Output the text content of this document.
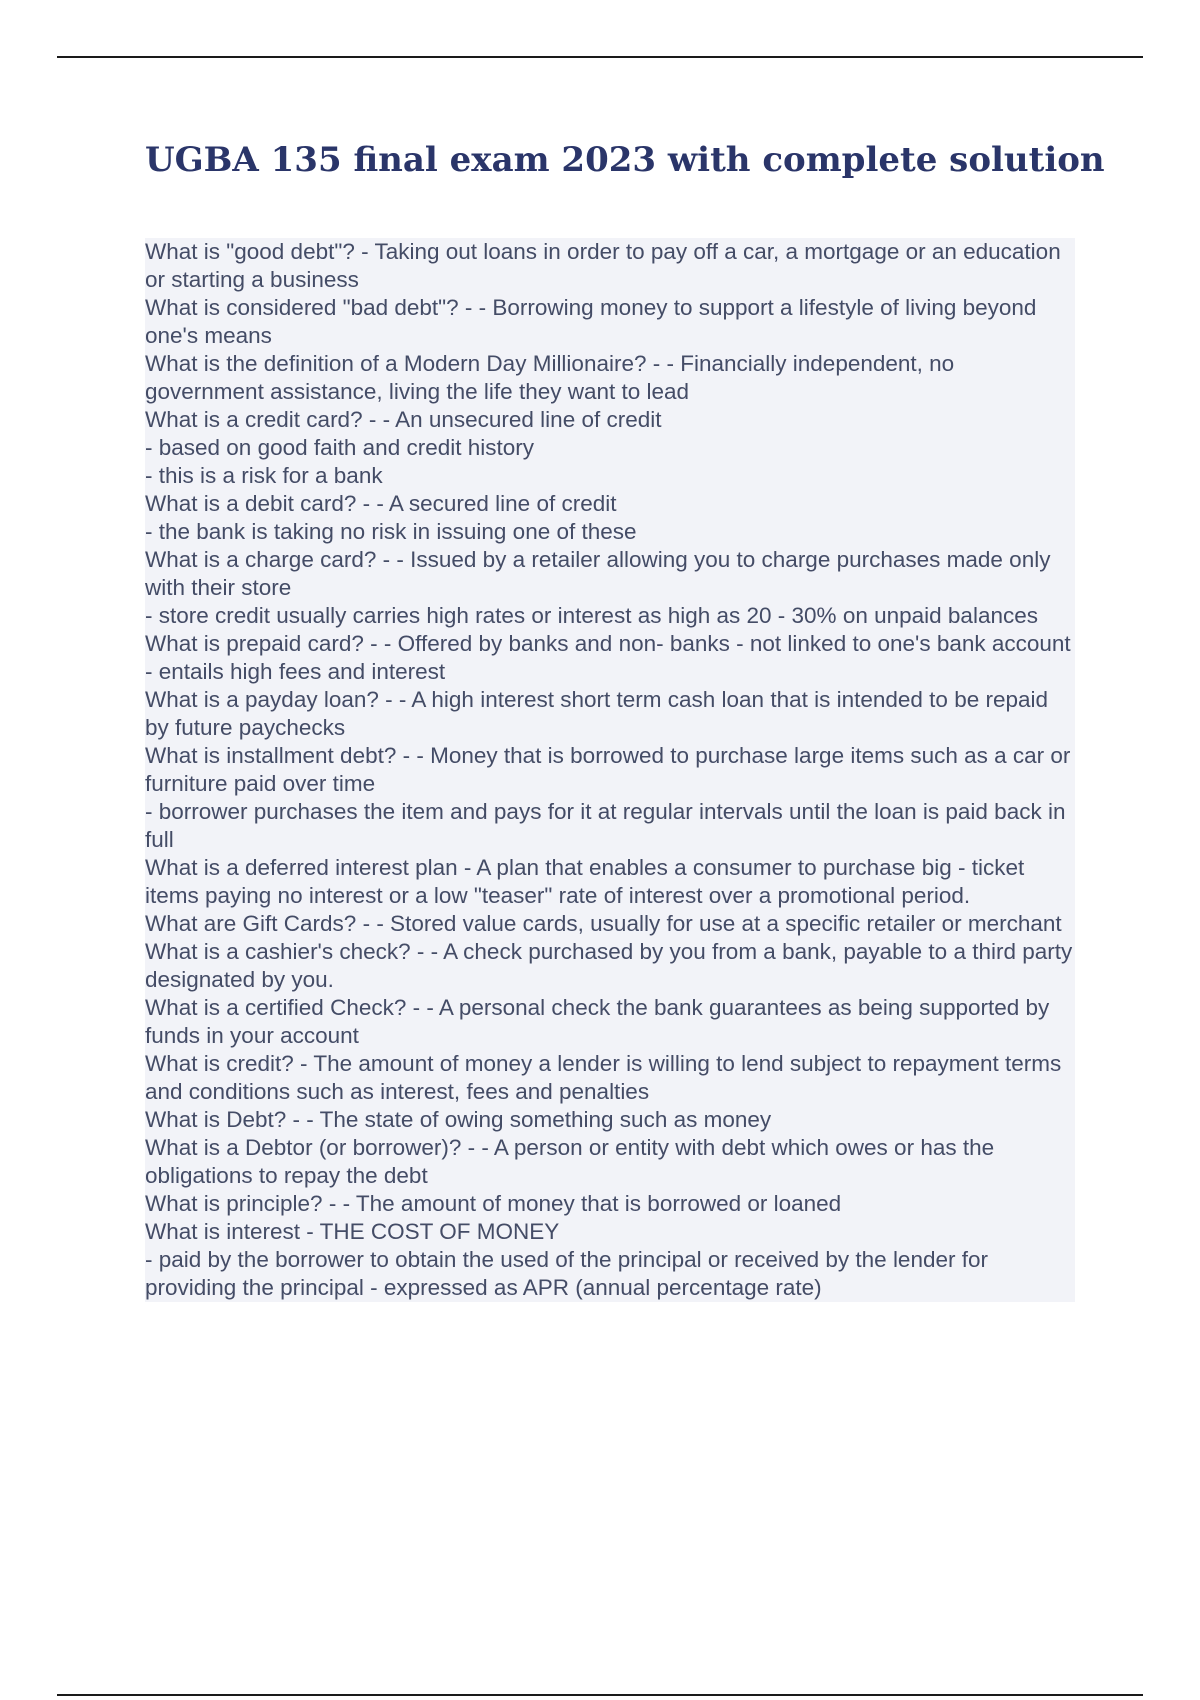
UGBA 135 final exam 2023 with complete solution
What is "good debt"? - Taking out loans in order to pay off a car, a mortgage or an education or starting a business
What is considered "bad debt"? - - Borrowing money to support a lifestyle of living beyond one's means
What is the definition of a Modern Day Millionaire? - - Financially independent, no government assistance, living the life they want to lead
What is a credit card? - - An unsecured line of credit
- based on good faith and credit history
- this is a risk for a bank
What is a debit card? - - A secured line of credit
- the bank is taking no risk in issuing one of these
What is a charge card? - - Issued by a retailer allowing you to charge purchases made only with their store
- store credit usually carries high rates or interest as high as 20 - 30% on unpaid balances
What is prepaid card? - - Offered by banks and non- banks - not linked to one's bank account
- entails high fees and interest
What is a payday loan? - - A high interest short term cash loan that is intended to be repaid by future paychecks
What is installment debt? - - Money that is borrowed to purchase large items such as a car or furniture paid over time
- borrower purchases the item and pays for it at regular intervals until the loan is paid back in full
What is a deferred interest plan - A plan that enables a consumer to purchase big - ticket items paying no interest or a low "teaser" rate of interest over a promotional period.
What are Gift Cards? - - Stored value cards, usually for use at a specific retailer or merchant
What is a cashier's check? - - A check purchased by you from a bank, payable to a third party designated by you.
What is a certified Check? - - A personal check the bank guarantees as being supported by funds in your account
What is credit? - The amount of money a lender is willing to lend subject to repayment terms and conditions such as interest, fees and penalties
What is Debt? - - The state of owing something such as money
What is a Debtor (or borrower)? - - A person or entity with debt which owes or has the obligations to repay the debt
What is principle? - - The amount of money that is borrowed or loaned
What is interest - THE COST OF MONEY
- paid by the borrower to obtain the used of the principal or received by the lender for providing the principal - expressed as APR (annual percentage rate)
